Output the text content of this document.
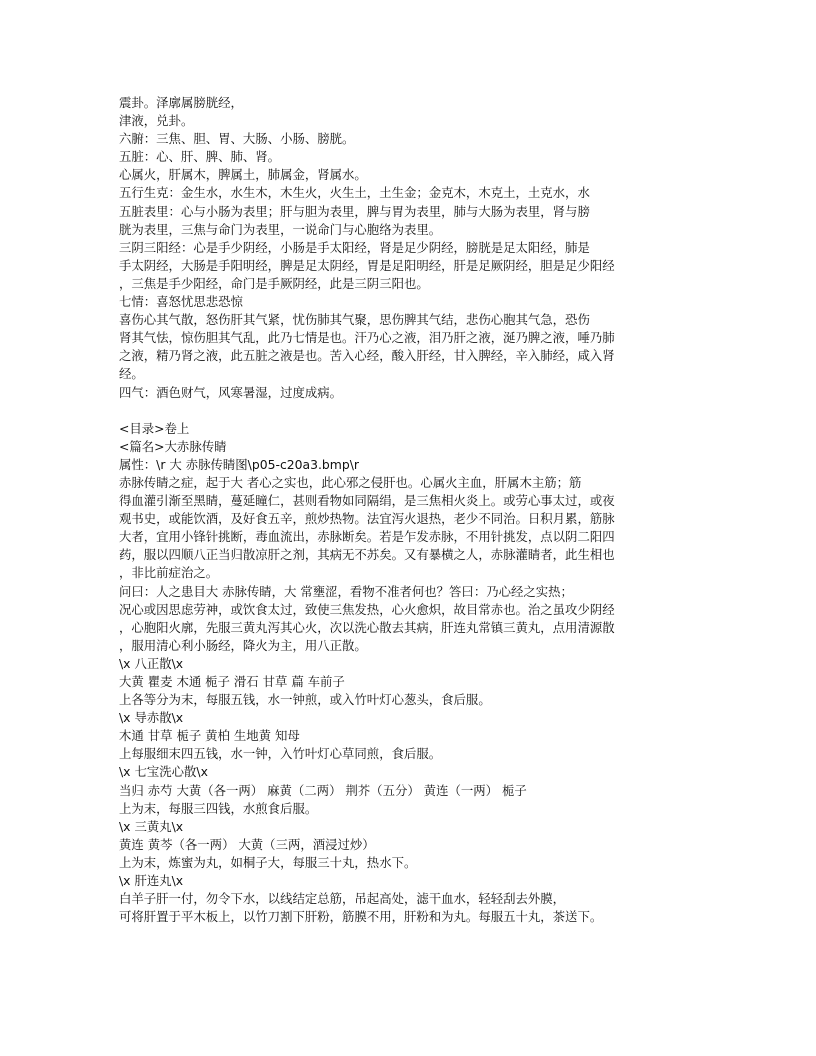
震卦。泽廓属膀胱经，
津液，兑卦。
六腑：三焦、胆、胃、大肠、小肠、膀胱。
五脏：心、肝、脾、肺、肾。
心属火，肝属木，脾属土，肺属金，肾属水。
五行生克：金生水，水生木，木生火，火生土，土生金；金克木，木克土，土克水，水
五脏表里：心与小肠为表里；肝与胆为表里，脾与胃为表里，肺与大肠为表里，肾与膀
胱为表里，三焦与命门为表里，一说命门与心胞络为表里。
三阴三阳经：心是手少阴经，小肠是手太阳经，肾是足少阴经，膀胱是足太阳经，肺是
手太阴经，大肠是手阳明经，脾是足太阴经，胃是足阳明经，肝是足厥阴经，胆是足少阳经
，三焦是手少阳经，命门是手厥阴经，此是三阴三阳也。
七情：喜怒忧思悲恐惊
喜伤心其气散，怒伤肝其气紧，忧伤肺其气聚，思伤脾其气结，悲伤心胞其气急，恐伤
肾其气怯，惊伤胆其气乱，此乃七情是也。汗乃心之液，泪乃肝之液，涎乃脾之液，唾乃肺
之液，精乃肾之液，此五脏之液是也。苦入心经，酸入肝经，甘入脾经，辛入肺经，咸入肾
经。
四气：酒色财气，风寒暑湿，过度成病。
<目录>卷上
<篇名>大赤脉传睛
属性：\r 大 赤脉传睛图\p05-c20a3.bmp\r
赤脉传睛之症，起于大 者心之实也，此心邪之侵肝也。心属火主血，肝属木主筋；筋
得血灌引渐至黑睛，蔓延瞳仁，甚则看物如同隔绢，是三焦相火炎上。或劳心事太过，或夜
观书史，或能饮酒，及好食五辛，煎炒热物。法宜泻火退热，老少不同治。日积月累，筋脉
大者，宜用小锋针挑断，毒血流出，赤脉断矣。若是乍发赤脉，不用针挑发，点以阴二阳四
药，服以四顺八正当归散凉肝之剂，其病无不苏矣。又有暴横之人，赤脉灌睛者，此生相也
，非比前症治之。
问曰：人之患目大 赤脉传睛，大 常壅涩，看物不准者何也？答曰：乃心经之实热；
况心或因思虑劳神，或饮食太过，致使三焦发热，心火愈炽，故目常赤也。治之虽攻少阴经
，心胞阳火廓，先服三黄丸泻其心火，次以洗心散去其病，肝连丸常镇三黄丸，点用清源散
，服用清心利小肠经，降火为主，用八正散。
\x 八正散\x
大黄 瞿麦 木通 栀子 滑石 甘草 萹 车前子
上各等分为末，每服五钱，水一钟煎，或入竹叶灯心葱头，食后服。
\x 导赤散\x
木通 甘草 栀子 黄柏 生地黄 知母
上每服细末四五钱，水一钟，入竹叶灯心草同煎，食后服。
\x 七宝洗心散\x
当归 赤芍 大黄（各一两） 麻黄（二两） 荆芥（五分） 黄连（一两） 栀子
上为末，每服三四钱，水煎食后服。
\x 三黄丸\x
黄连 黄芩（各一两） 大黄（三两，酒浸过炒）
上为末，炼蜜为丸，如桐子大，每服三十丸，热水下。
\x 肝连丸\x
白羊子肝一付，勿令下水，以线结定总筋，吊起高处，滤干血水，轻轻刮去外膜，
可将肝置于平木板上，以竹刀割下肝粉，筋膜不用，肝粉和为丸。每服五十丸，茶送下。
